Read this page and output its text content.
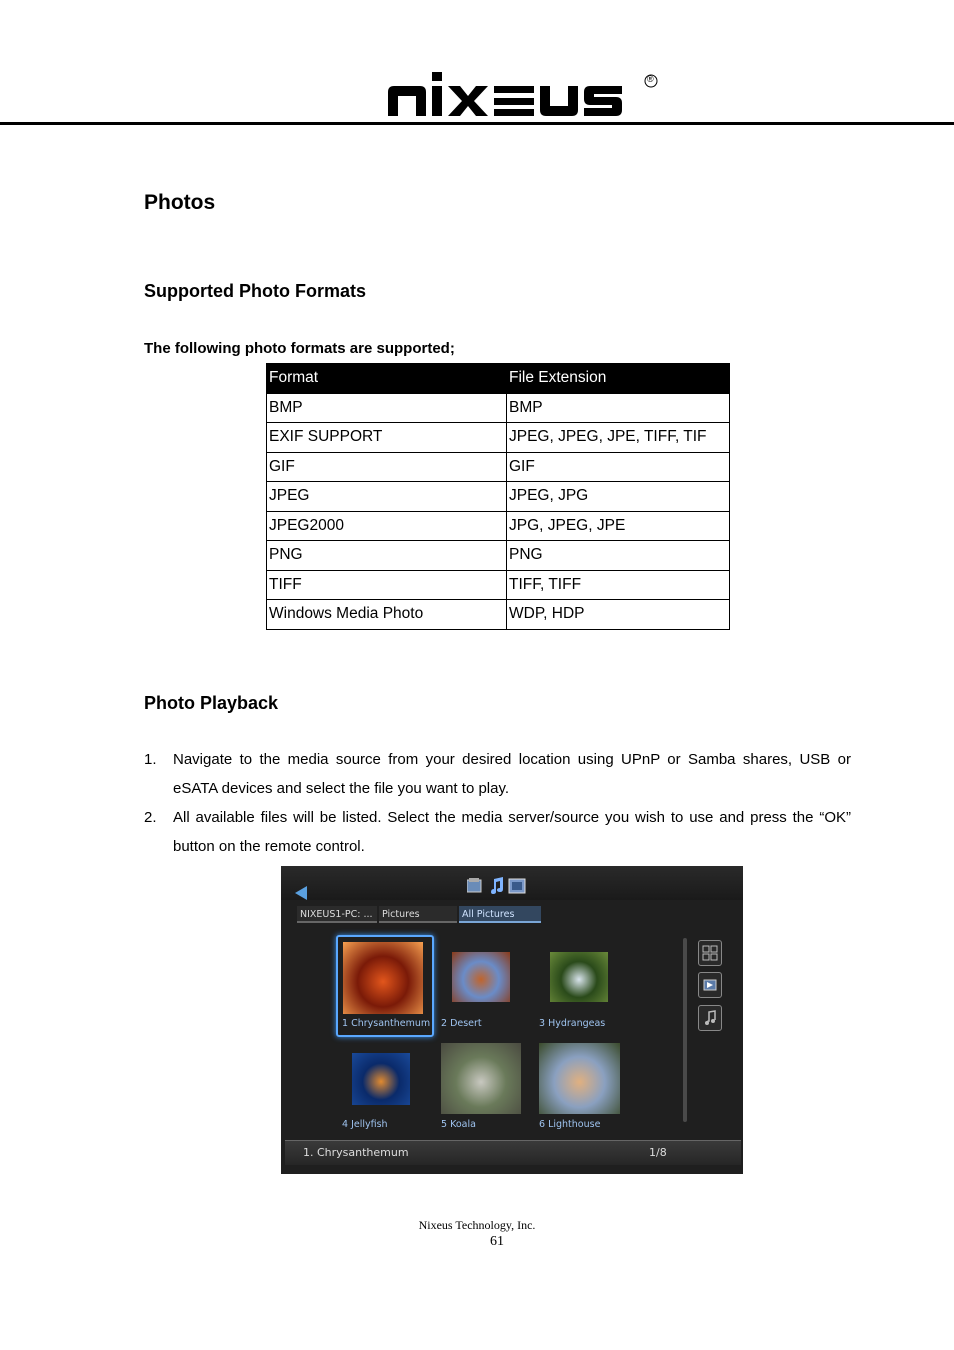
®
Photos
Supported Photo Formats
The following photo formats are supported;
Format	File Extension
BMP	BMP
EXIF SUPPORT	JPEG, JPEG, JPE, TIFF, TIF
GIF	GIF
JPEG	JPEG, JPG
JPEG2000	JPG, JPEG, JPE
PNG	PNG
TIFF	TIFF, TIFF
Windows Media Photo	WDP, HDP
Photo Playback
1. Navigate to the media source from your desired location using UPnP or Samba shares, USB or eSATA devices and select the file you want to play.
2. All available files will be listed. Select the media server/source you wish to use and press the “OK” button on the remote control.
NIXEUS1-PC: ... Pictures	All Pictures
1 Chrysanthemum 2 Desert	3 Hydrangeas
4 Jellyfish	5 Koala	6 Lighthouse
1. Chrysanthemum	1/8
Nixeus Technology, Inc.
61
